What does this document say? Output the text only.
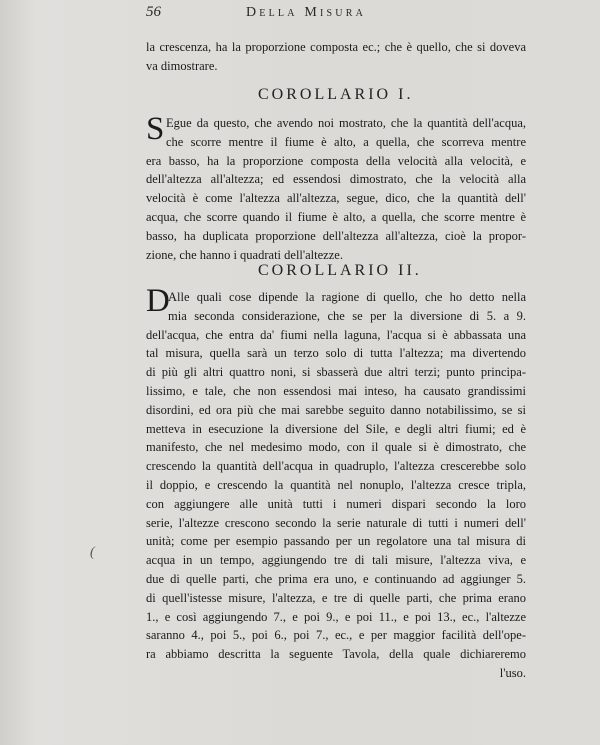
56	Della Misura
la crescenza, ha la proporzione composta ec.; che è quello, che si doveva
va dimostrare.
COROLLARIO I.
S Egue da questo, che avendo noi mostrato, che la quantità dell'acqua,
che scorre mentre il fiume è alto, a quella, che scorreva mentre
era basso, ha la proporzione composta della velocità alla velocità, e
dell'altezza all'altezza; ed essendosi dimostrato, che la velocità alla
velocità è come l'altezza all'altezza, segue, dico, che la quantità dell'
acqua, che scorre quando il fiume è alto, a quella, che scorre mentre è
basso, ha duplicata proporzione dell'altezza all'altezza, cioè la propor-
zione, che hanno i quadrati dell'altezze.
COROLLARIO II.
D
Alle quali cose dipende la ragione di quello, che ho detto nella
mia seconda considerazione, che se per la diversione di 5. a 9.
dell'acqua, che entra da' fiumi nella laguna, l'acqua si è abbassata una
tal misura, quella sarà un terzo solo di tutta l'altezza; ma divertendo
di più gli altri quattro noni, si sbasserà due altri terzi; punto principa-
lissimo, e tale, che non essendosi mai inteso, ha causato grandissimi
disordini, ed ora più che mai sarebbe seguito danno notabilissimo, se si
metteva in esecuzione la diversione del Sile, e degli altri fiumi; ed è
manifesto, che nel medesimo modo, con il quale si è dimostrato, che
crescendo la quantità dell'acqua in quadruplo, l'altezza crescerebbe solo
il doppio, e crescendo la quantità nel nonuplo, l'altezza cresce tripla,
con aggiungere alle unità tutti i numeri dispari secondo la loro
serie, l'altezze crescono secondo la serie naturale di tutti i numeri dell'
unità; come per esempio passando per un regolatore una tal misura di
acqua in un tempo, aggiungendo tre di tali misure, l'altezza viva, e
due di quelle parti, che prima era uno, e continuando ad aggiunger 5.
di quell'istesse misure, l'altezza, e tre di quelle parti, che prima erano
1., e così aggiungendo 7., e poi 9., e poi 11., e poi 13., ec., l'altezze
saranno 4., poi 5., poi 6., poi 7., ec., e per maggior facilità dell'ope-
ra abbiamo descritta la seguente Tavola, della quale dichiareremo
l'uso.
(
